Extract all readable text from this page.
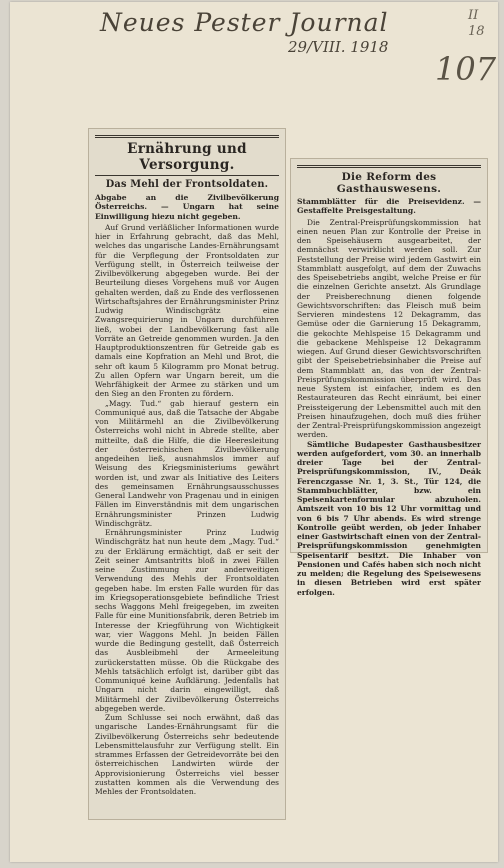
Neues Pester Journal
29/VIII. 1918
107
II
18
Ernährung und Versorgung.
Das Mehl der Frontsoldaten.
Abgabe an die Zivilbevölkerung Österreichs. — Ungarn hat seine Einwilligung hiezu nicht gegeben.

Auf Grund verläßlicher Informationen wurde hier in Erfahrung gebracht, daß das Mehl, welches das ungarische Landes-Ernährungsamt für die Verpflegung der Frontsoldaten zur Verfügung stellt, in Österreich teilweise der Zivilbevölkerung abgegeben wurde. Bei der Beurteilung dieses Vorgehens muß vor Augen gehalten werden, daß zu Ende des verflossenen Wirtschaftsjahres der Ernährungsminister Prinz Ludwig Windischgrätz eine Zwangsrequirierung in Ungarn durchführen ließ, wobei der Landbevölkerung fast alle Vorräte an Getreide genommen wurden. Ja den Hauptproduktionszentren für Getreide gab es damals eine Kopfration an Mehl und Brot, die sehr oft kaum 5 Kilogramm pro Monat betrug. Zu allen Opfern war Ungarn bereit, um die Wehrfähigkeit der Armee zu stärken und um den Sieg an den Fronten zu fördern.

„Magy. Tud.“ gab hierauf gestern ein Communiqué aus, daß die Tatsache der Abgabe von Militärmehl an die Zivilbevölkerung Österreichs wohl nicht in Abrede stellte, aber mitteilte, daß die Hilfe, die die Heeresleitung der österreichischen Zivilbevölkerung angedeihen ließ, ausnahmslos immer auf Weisung des Kriegsministeriums gewährt worden ist, und zwar als Initiative des Leiters des gemeinsamen Ernährungsausschusses General Landwehr von Pragenau und in einigen Fällen im Einverständnis mit dem ungarischen Ernährungsminister Prinzen Ludwig Windischgrätz.

Ernährungsminister Prinz Ludwig Windischgrätz hat nun heute dem „Magy. Tud.“ zu der Erklärung ermächtigt, daß er seit der Zeit seiner Amtsantritts bloß in zwei Fällen seine Zustimmung zur anderweitigen Verwendung des Mehls der Frontsoldaten gegeben habe. Im ersten Falle wurden für das im Kriegsoperationsgebiete befindliche Triest sechs Waggons Mehl freigegeben, im zweiten Falle für eine Munitionsfabrik, deren Betrieb im Interesse der Kriegführung von Wichtigkeit war, vier Waggons Mehl. Jn beiden Fällen wurde die Bedingung gestellt, daß Österreich das Ausbleibmehl der Armeeleitung zurückerstatten müsse. Ob die Rückgabe des Mehls tatsächlich erfolgt ist, darüber gibt das Communiqué keine Aufklärung. Jedenfalls hat Ungarn nicht darin eingewilligt, daß Militärmehl der Zivilbevölkerung Österreichs abgegeben werde.

Zum Schlusse sei noch erwähnt, daß das ungarische Landes-Ernährungsamt für die Zivilbevölkerung Österreichs sehr bedeutende Lebensmittelausfuhr zur Verfügung stellt. Ein strammes Erfassen der Getreidevorräte bei den österreichischen Landwirten würde der Approvisionierung Österreichs viel besser zustatten kommen als die Verwendung des Mehles der Frontsoldaten.

Die Reform des Gasthauswesens.
Stammblätter für die Preisevidenz. — Gestaffelte Preisgestaltung.

Die Zentral-Preisprüfungskommission hat einen neuen Plan zur Kontrolle der Preise in den Speisehäusern ausgearbeitet, der demnächst verwirklicht werden soll. Zur Feststellung der Preise wird jedem Gastwirt ein Stammblatt ausgefolgt, auf dem der Zuwachs des Speisebetriebs angibt, welche Preise er für die einzelnen Gerichte ansetzt. Als Grundlage der Preisberechnung dienen folgende Gewichtsvorschriften: das Fleisch muß beim Servieren mindestens 12 Dekagramm, das Gemüse oder die Garnierung 15 Dekagramm, die gekochte Mehlspeise 15 Dekagramm und die gebackene Mehlspeise 12 Dekagramm wiegen. Auf Grund dieser Gewichtsvorschriften gibt der Speisebetriebsinhaber die Preise auf dem Stammblatt an, das von der Zentral-Preisprüfungskommission überprüft wird. Das neue System ist einfacher, indem es den Restaurateuren das Recht einräumt, bei einer Preissteigerung der Lebensmittel auch mit den Preisen hinaufzugehen, doch muß dies früher der Zentral-Preisprüfungskommission angezeigt werden.

Sämtliche Budapester Gasthausbesitzer werden aufgefordert, vom 30. an innerhalb dreier Tage bei der Zentral-Preisprüfungskommission, IV., Deák Ferenczgasse Nr. 1, 3. St., Tür 124, die Stammbuchblätter, bzw. ein Speisenkartenformular abzuholen. Amtszeit von 10 bis 12 Uhr vormittag und von 6 bis 7 Uhr abends. Es wird strenge Kontrolle geübt werden, ob jeder Inhaber einer Gastwirtschaft einen von der Zentral-Preisprüfungskommission genehmigten Speisentarif besitzt. Die Inhaber von Pensionen und Cafés haben sich noch nicht zu melden; die Regelung des Speisewesens in diesen Betrieben wird erst später erfolgen.
